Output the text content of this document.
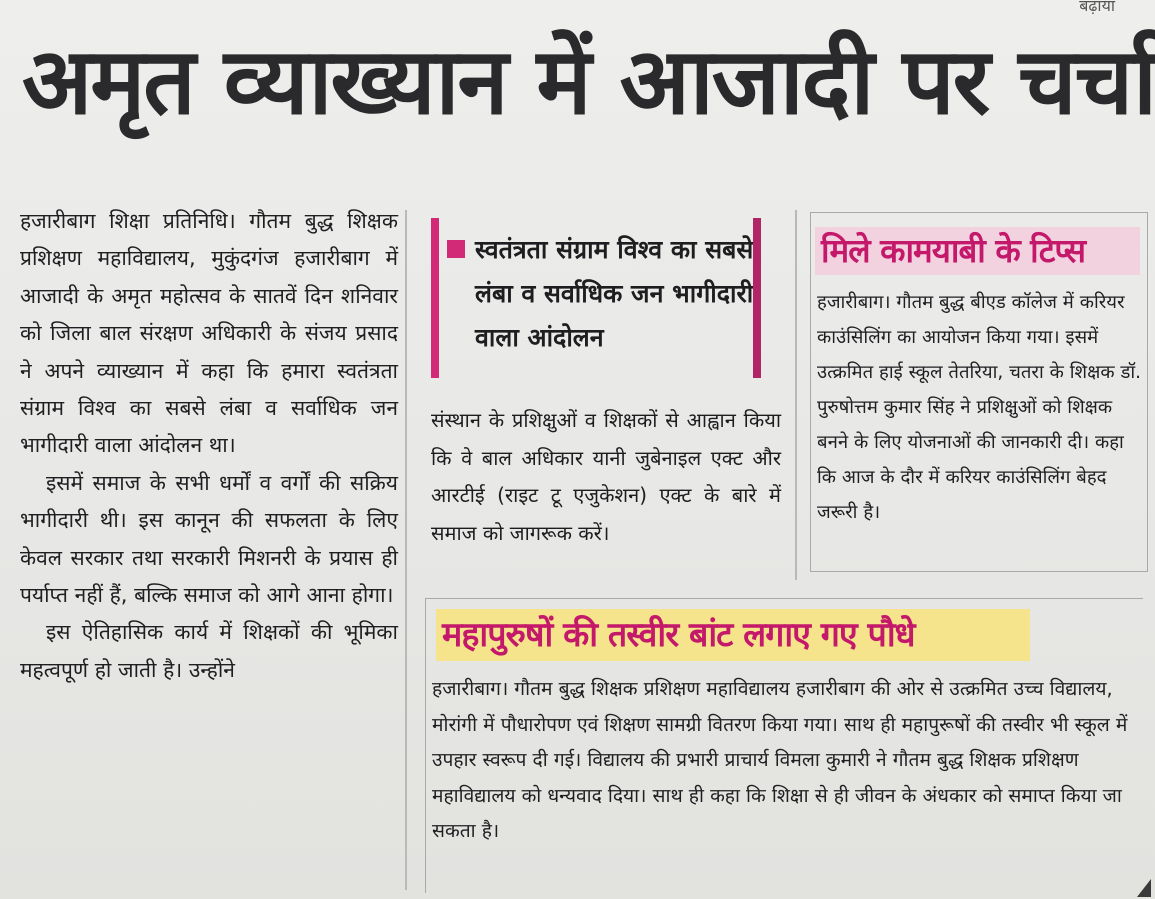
बढ़ाया
अमृत व्याख्यान में आजादी पर चर्चा

हजारीबाग शिक्षा प्रतिनिधि। गौतम बुद्ध शिक्षक प्रशिक्षण महाविद्यालय, मुकुंदगंज हजारीबाग में आजादी के अमृत महोत्सव के सातवें दिन शनिवार को जिला बाल संरक्षण अधिकारी के संजय प्रसाद ने अपने व्याख्यान में कहा कि हमारा स्वतंत्रता संग्राम विश्व का सबसे लंबा व सर्वाधिक जन भागीदारी वाला आंदोलन था।

इसमें समाज के सभी धर्मों व वर्गों की सक्रिय भागीदारी थी। इस कानून की सफलता के लिए केवल सरकार तथा सरकारी मिशनरी के प्रयास ही पर्याप्त नहीं हैं, बल्कि समाज को आगे आना होगा।

इस ऐतिहासिक कार्य में शिक्षकों की भूमिका महत्वपूर्ण हो जाती है। उन्होंने

स्वतंत्रता संग्राम विश्व का सबसे लंबा व सर्वाधिक जन भागीदारी वाला आंदोलन
संस्थान के प्रशिक्षुओं व शिक्षकों से आह्वान किया कि वे बाल अधिकार यानी जुबेनाइल एक्ट और आरटीई (राइट टू एजुकेशन) एक्ट के बारे में समाज को जागरूक करें।
मिले कामयाबी के टिप्स
हजारीबाग। गौतम बुद्ध बीएड कॉलेज में करियर काउंसिलिंग का आयोजन किया गया। इसमें उत्क्रमित हाई स्कूल तेतरिया, चतरा के शिक्षक डॉ. पुरुषोत्तम कुमार सिंह ने प्रशिक्षुओं को शिक्षक बनने के लिए योजनाओं की जानकारी दी। कहा कि आज के दौर में करियर काउंसिलिंग बेहद जरूरी है।
महापुरुषों की तस्वीर बांट लगाए गए पौधे
हजारीबाग। गौतम बुद्ध शिक्षक प्रशिक्षण महाविद्यालय हजारीबाग की ओर से उत्क्रमित उच्च विद्यालय, मोरांगी में पौधारोपण एवं शिक्षण सामग्री वितरण किया गया। साथ ही महापुरूषों की तस्वीर भी स्कूल में उपहार स्वरूप दी गई। विद्यालय की प्रभारी प्राचार्य विमला कुमारी ने गौतम बुद्ध शिक्षक प्रशिक्षण महाविद्यालय को धन्यवाद दिया। साथ ही कहा कि शिक्षा से ही जीवन के अंधकार को समाप्त किया जा सकता है।
